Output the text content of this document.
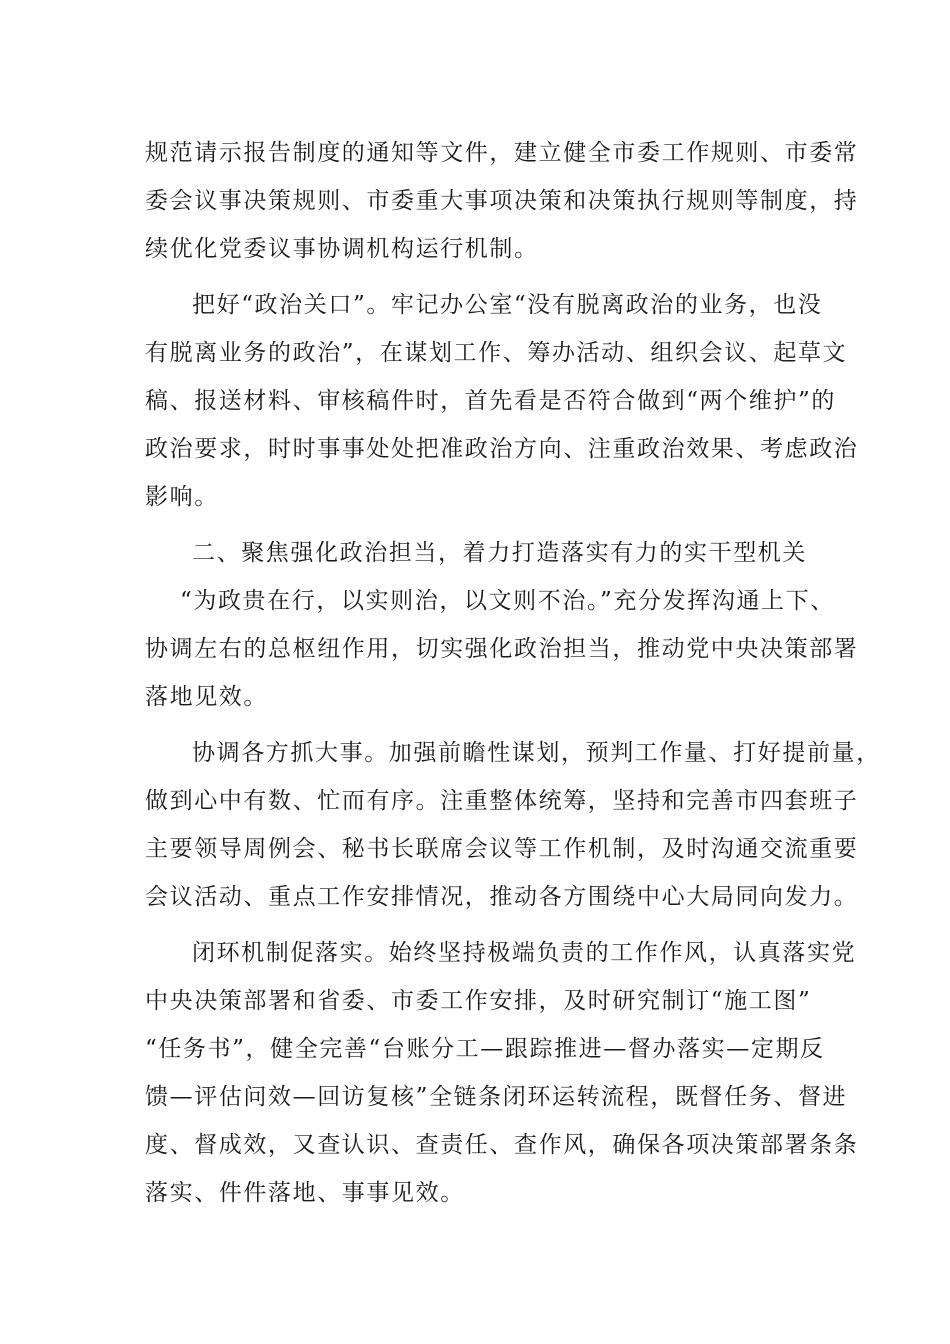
规范请示报告制度的通知等文件，建立健全市委工作规则、市委常
委会议事决策规则、市委重大事项决策和决策执行规则等制度，持
续优化党委议事协调机构运行机制。
把好“政治关口”。牢记办公室“没有脱离政治的业务，也没
有脱离业务的政治”，在谋划工作、筹办活动、组织会议、起草文
稿、报送材料、审核稿件时，首先看是否符合做到“两个维护”的
政治要求，时时事事处处把准政治方向、注重政治效果、考虑政治
影响。
二、聚焦强化政治担当，着力打造落实有力的实干型机关
“为政贵在行，以实则治，以文则不治。”充分发挥沟通上下、
协调左右的总枢纽作用，切实强化政治担当，推动党中央决策部署
落地见效。
协调各方抓大事。加强前瞻性谋划，预判工作量、打好提前量，
做到心中有数、忙而有序。注重整体统筹，坚持和完善市四套班子
主要领导周例会、秘书长联席会议等工作机制，及时沟通交流重要
会议活动、重点工作安排情况，推动各方围绕中心大局同向发力。
闭环机制促落实。始终坚持极端负责的工作作风，认真落实党
中央决策部署和省委、市委工作安排，及时研究制订“施工图”
“任务书”，健全完善“台账分工—跟踪推进—督办落实—定期反
馈—评估问效—回访复核”全链条闭环运转流程，既督任务、督进
度、督成效，又查认识、查责任、查作风，确保各项决策部署条条
落实、件件落地、事事见效。
